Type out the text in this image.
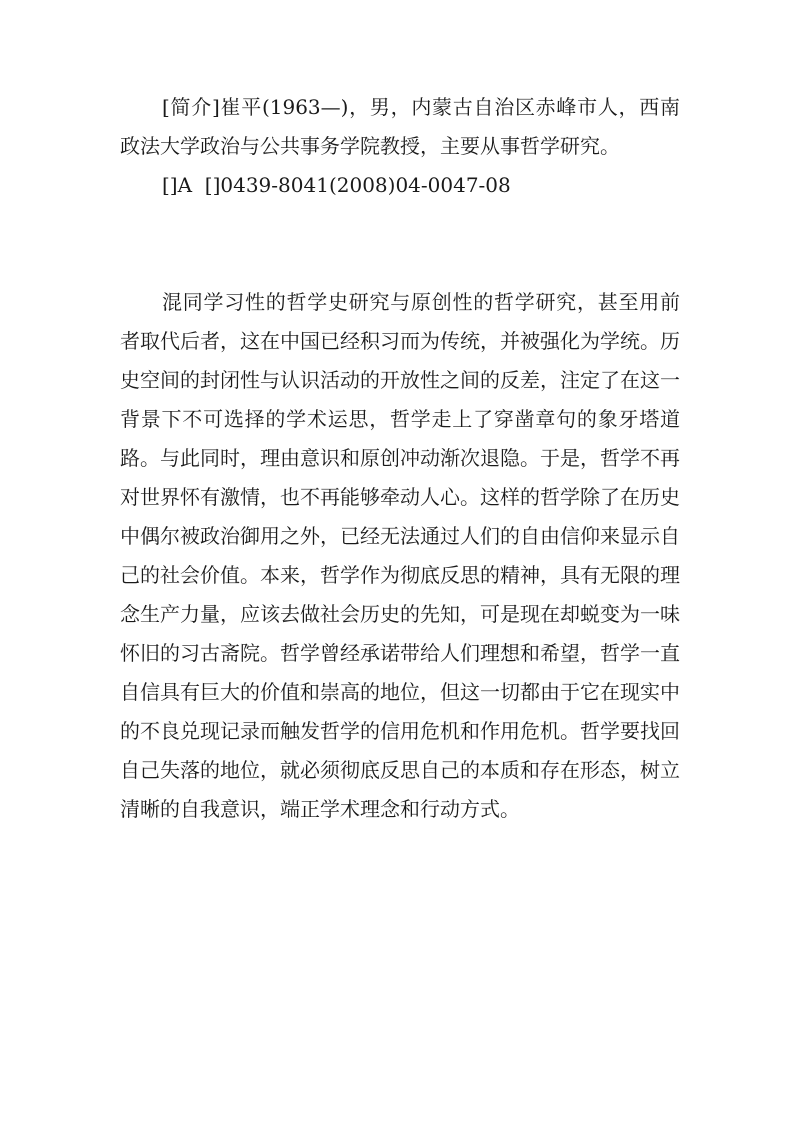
[简介]崔平(1963—)，男，内蒙古自治区赤峰市人，西南政法大学政治与公共事务学院教授，主要从事哲学研究。

[]A []0439-8041(2008)04-0047-08

混同学习性的哲学史研究与原创性的哲学研究，甚至用前者取代后者，这在中国已经积习而为传统，并被强化为学统。历史空间的封闭性与认识活动的开放性之间的反差，注定了在这一背景下不可选择的学术运思，哲学走上了穿凿章句的象牙塔道路。与此同时，理由意识和原创冲动渐次退隐。于是，哲学不再对世界怀有激情，也不再能够牵动人心。这样的哲学除了在历史中偶尔被政治御用之外，已经无法通过人们的自由信仰来显示自己的社会价值。本来，哲学作为彻底反思的精神，具有无限的理念生产力量，应该去做社会历史的先知，可是现在却蜕变为一味怀旧的习古斋院。哲学曾经承诺带给人们理想和希望，哲学一直自信具有巨大的价值和崇高的地位，但这一切都由于它在现实中的不良兑现记录而触发哲学的信用危机和作用危机。哲学要找回自己失落的地位，就必须彻底反思自己的本质和存在形态，树立清晰的自我意识，端正学术理念和行动方式。
